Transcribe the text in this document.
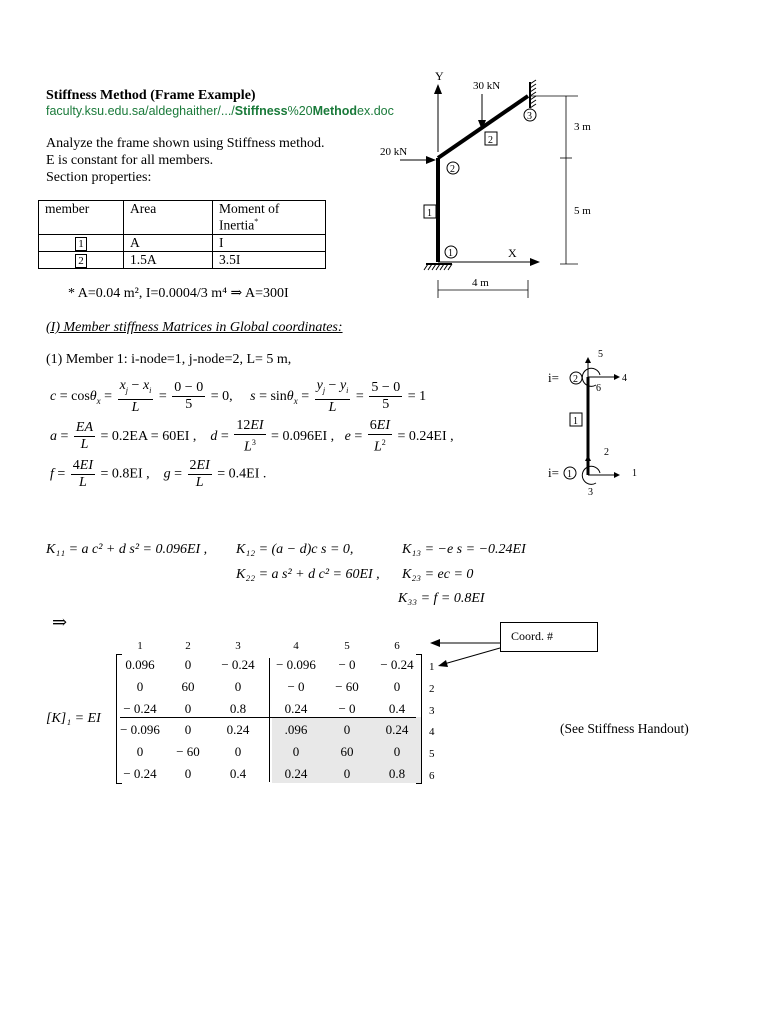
Stiffness Method (Frame Example)
faculty.ksu.edu.sa/aldeghaither/.../Stiffness%20Methodex.doc
Analyze the frame shown using Stiffness method.
E is constant for all members.
Section properties:
member	Area	Moment of
Inertia*
1	A	I
2	1.5A	3.5I
* A=0.04 m², I=0.0004/3 m⁴ ⇒ A=300I
(I) Member stiffness Matrices in Global coordinates:
(1) Member 1: i-node=1, j-node=2, L= 5 m,
Y
X
1
2
3
1
2
30 kN
20 kN
3 m
5 m
4 m
$c = \cos\theta_x = \frac{x_j - x_i}{L} = \frac{0 - 0}{5} = 0$, $s = \sin\theta_x = \frac{y_j - y_i}{L} = \frac{5 - 0}{5} = 1$
$a = \frac{EA}{L} = 0.2EA = 60EI$ , $d = \frac{12EI}{L^3} = 0.096EI$ , $e = \frac{6EI}{L^2} = 0.24EI$ ,
$f = \frac{4EI}{L} = 0.8EI$ , $g = \frac{2EI}{L} = 0.4EI$ .
i= 2
5
4
6
1
i= 1
2
1
3
K₁₁ = a c² + d s² = 0.096EI , K₁₂ = (a − d)c s = 0,	K₁₃ = −e s = −0.24EI
K₂₂ = a s² + d c² = 60EI , K₂₃ = ec = 0
K₃₃ = f = 0.8EI
⇒
Coord. #
[K]₁ = EI
1	2	3	4	5	6
1
2
3
4
5
6
0.096	0	− 0.24	− 0.096	− 0	− 0.24
0	60	0	− 0	− 60	0
− 0.24	0	0.8	0.24	− 0	0.4
− 0.096	0	0.24	.096	0	0.24
0	− 60	0	0	60	0
− 0.24	0	0.4	0.24	0	0.8
(See Stiffness Handout)
